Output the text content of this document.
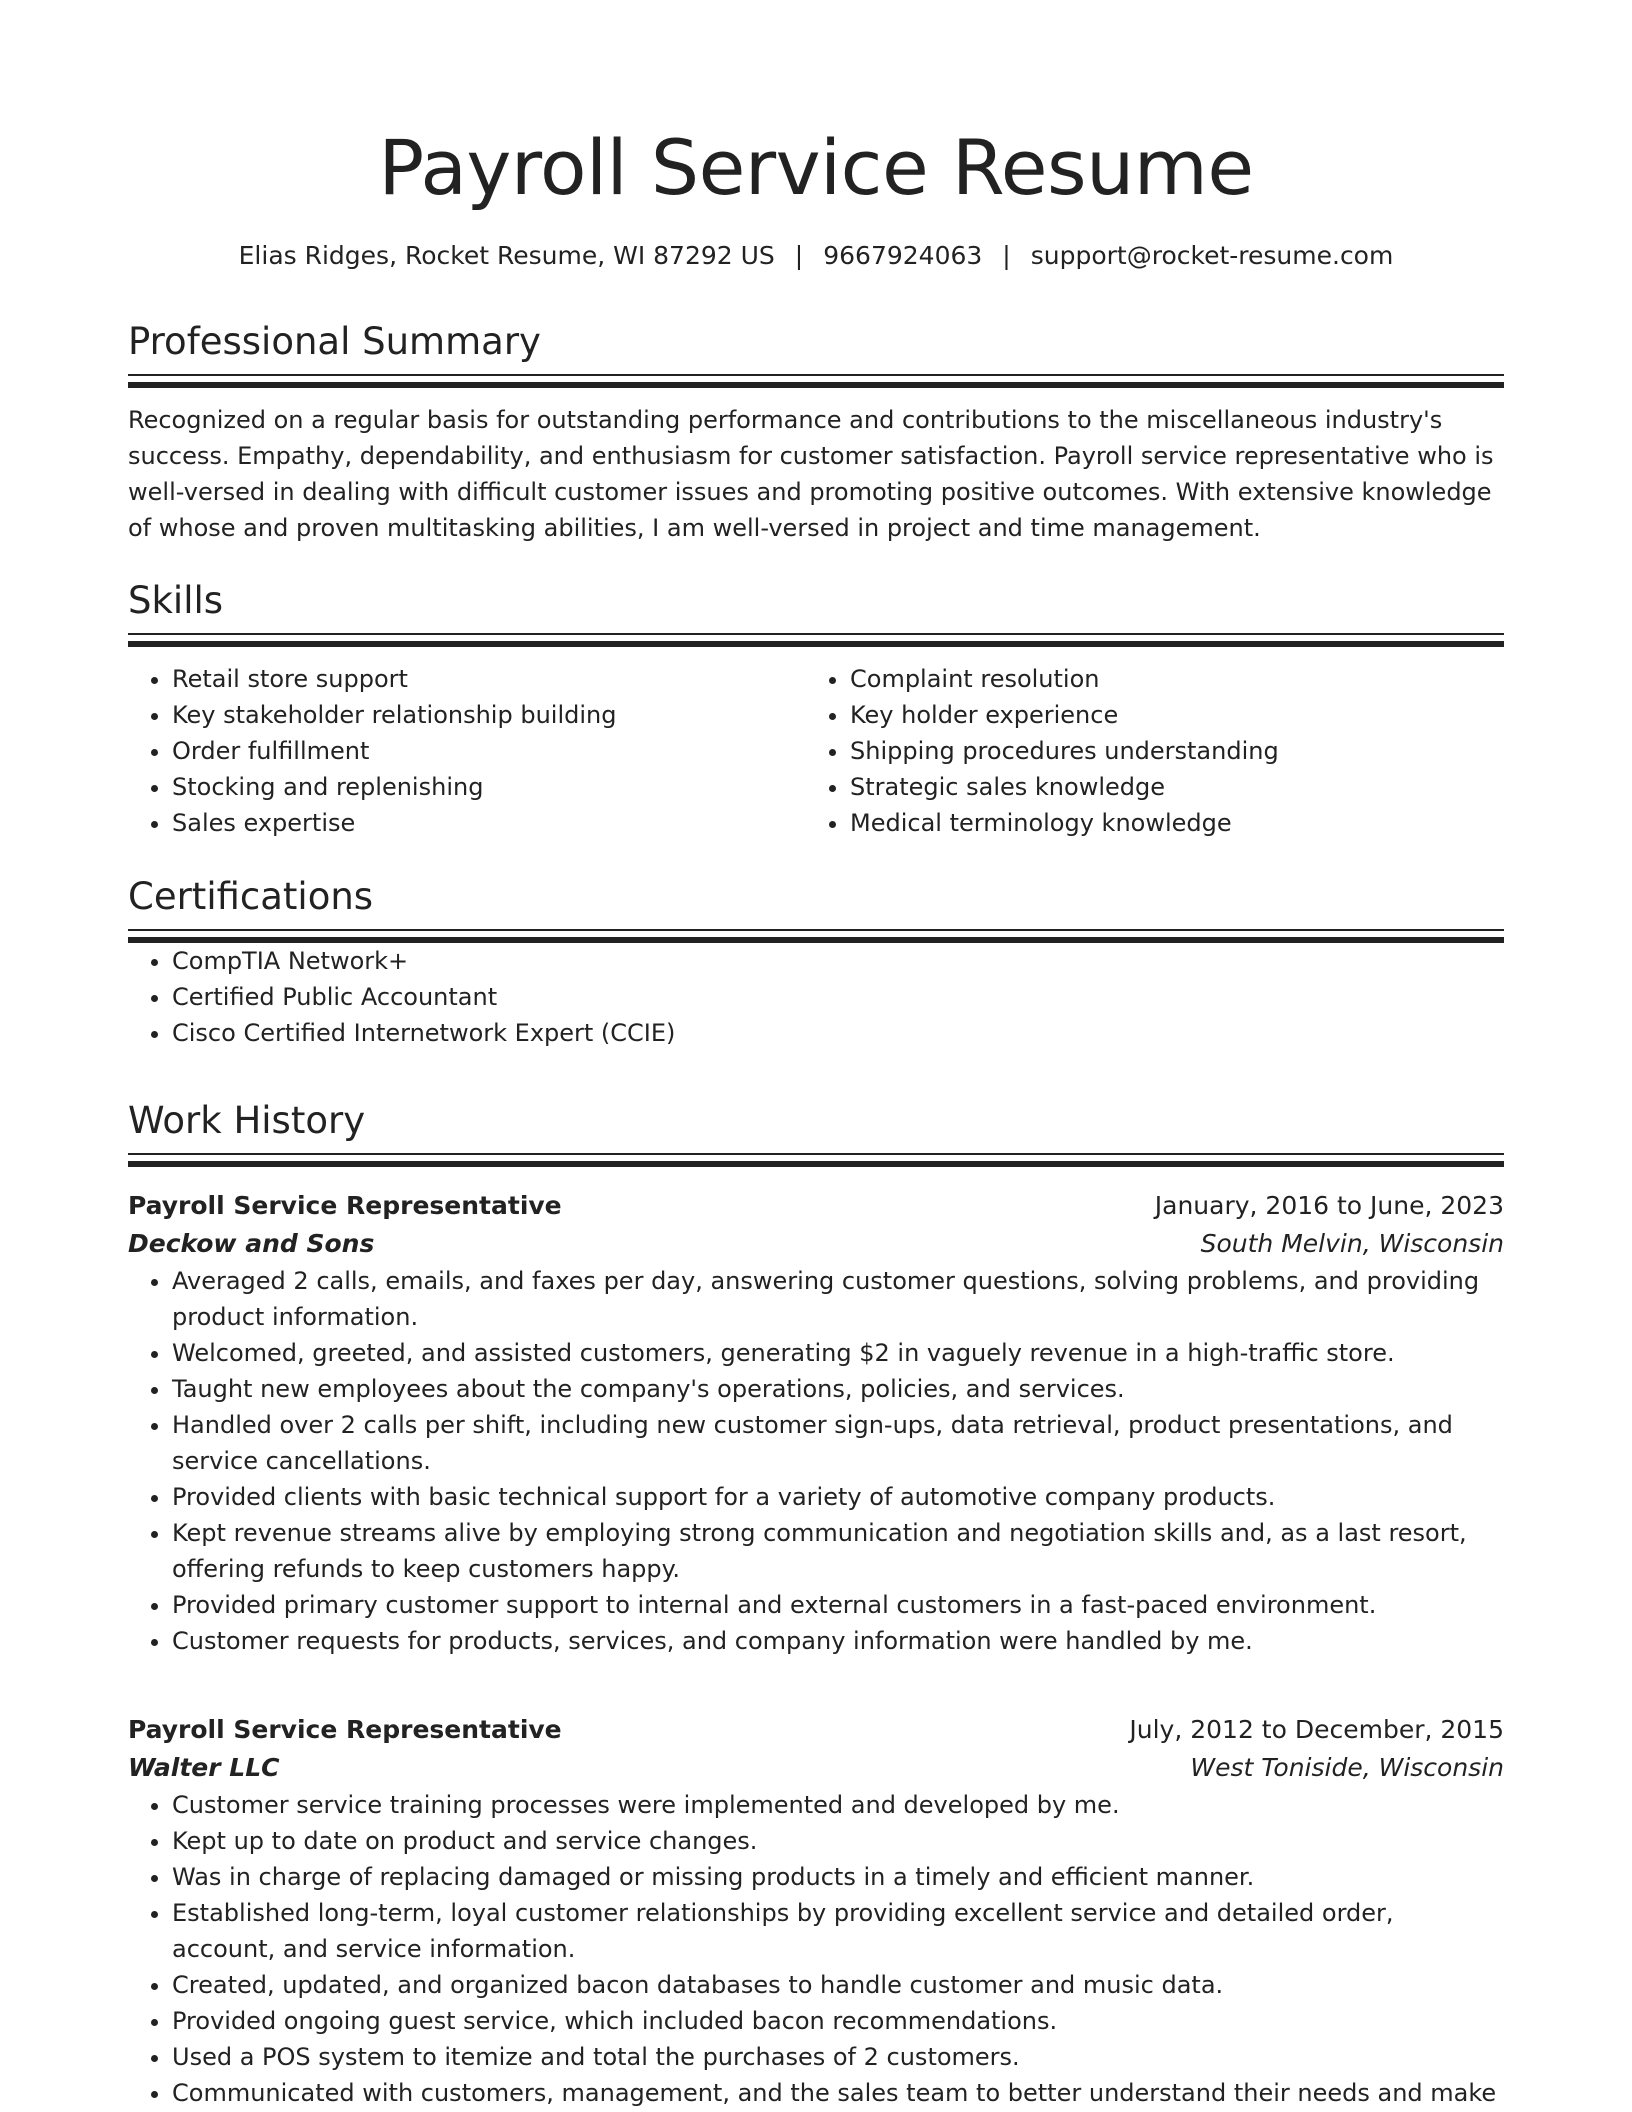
Payroll Service Resume
Elias Ridges, Rocket Resume, WI 87292 US | 9667924063 | support@rocket-resume.com
Professional Summary

Recognized on a regular basis for outstanding performance and contributions to the miscellaneous industry's success. Empathy, dependability, and enthusiasm for customer satisfaction. Payroll service representative who is well-versed in dealing with difficult customer issues and promoting positive outcomes. With extensive knowledge of whose and proven multitasking abilities, I am well-versed in project and time management.

Skills
• Retail store support
• Key stakeholder relationship building
• Order fulfillment
• Stocking and replenishing
• Sales expertise
• Complaint resolution
• Key holder experience
• Shipping procedures understanding
• Strategic sales knowledge
• Medical terminology knowledge
Certifications
• CompTIA Network+
• Certified Public Accountant
• Cisco Certified Internetwork Expert (CCIE)
Work History
Payroll Service Representative	January, 2016 to June, 2023
Deckow and Sons	South Melvin, Wisconsin
• Averaged 2 calls, emails, and faxes per day, answering customer questions, solving problems, and providing product information.
• Welcomed, greeted, and assisted customers, generating $2 in vaguely revenue in a high-traffic store.
• Taught new employees about the company's operations, policies, and services.
• Handled over 2 calls per shift, including new customer sign-ups, data retrieval, product presentations, and service cancellations.
• Provided clients with basic technical support for a variety of automotive company products.
• Kept revenue streams alive by employing strong communication and negotiation skills and, as a last resort, offering refunds to keep customers happy.
• Provided primary customer support to internal and external customers in a fast-paced environment.
• Customer requests for products, services, and company information were handled by me.
Payroll Service Representative	July, 2012 to December, 2015
Walter LLC	West Toniside, Wisconsin
• Customer service training processes were implemented and developed by me.
• Kept up to date on product and service changes.
• Was in charge of replacing damaged or missing products in a timely and efficient manner.
• Established long-term, loyal customer relationships by providing excellent service and detailed order, account, and service information.
• Created, updated, and organized bacon databases to handle customer and music data.
• Provided ongoing guest service, which included bacon recommendations.
• Used a POS system to itemize and total the purchases of 2 customers.
• Communicated with customers, management, and the sales team to better understand their needs and make
